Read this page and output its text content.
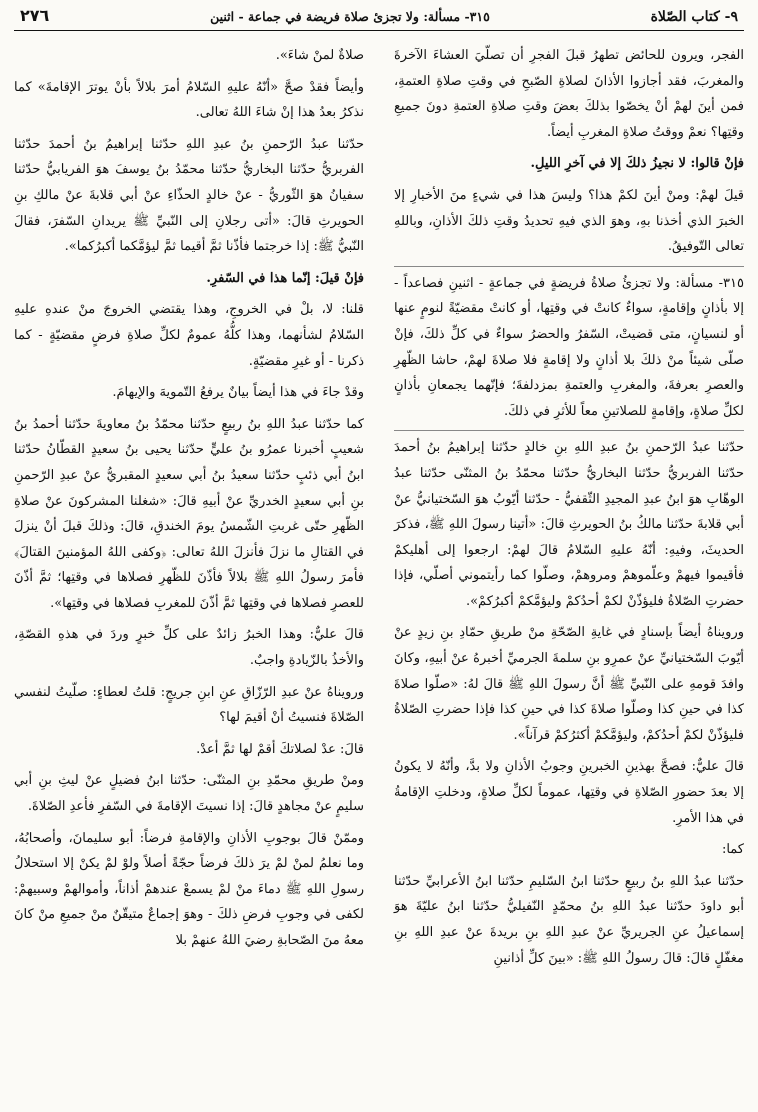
٩- كتاب الصّلاة
٣١٥- مسألة: ولا تجزئ صلاة فريضة في جماعة - اثنين
٢٧٦

الفجر، ويرون للحائض تطهرُ قبلَ الفجرِ أن تصلّيَ العشاءَ الآخرةَ والمغربَ، فقد أجازوا الأذانَ لصلاةِ الصّبحِ في وقتِ صلاةِ العتمةِ، فمن أينَ لهمْ أنْ يخصّوا بذلكَ بعضَ وقتِ صلاةِ العتمةِ دونَ جميعِ وقتِها؟ نعمْ ووقتُ صلاةِ المغربِ أيضاً.

فإنْ قالوا: لا نجيزُ ذلكَ إلا في آخرِ الليلِ.

قيلَ لهمْ: ومنْ أينَ لكمْ هذا؟ وليسَ هذا في شيءٍ منَ الأخبارِ إلا الخبرَ الذي أخذنا بهِ، وهوَ الذي فيهِ تحديدُ وقتِ ذلكَ الأذانِ، وباللهِ تعالى التّوفيقُ.

٣١٥- مسألة: ولا تجزئُ صلاةُ فريضةٍ في جماعةٍ - اثنينِ فصاعداً - إلا بأذانٍ وإقامةٍ، سواءٌ كانتْ في وقتِها، أو كانتْ مقضيّةً لنومٍ عنها أو لنسيانٍ، متى قضيتْ، السّفرُ والحضرُ سواءٌ في كلِّ ذلكَ، فإنْ صلّى شيئاً منْ ذلكَ بلا أذانٍ ولا إقامةٍ فلا صلاةَ لهمْ، حاشا الظّهرِ والعصرِ بعرفةَ، والمغربِ والعتمةِ بمزدلفةَ؛ فإنّهما يجمعانِ بأذانٍ لكلِّ صلاةٍ، وإقامةٍ للصلاتينِ معاً للأثرِ في ذلكَ.

حدّثنا عبدُ الرّحمنِ بنُ عبدِ اللهِ بنِ خالدٍ حدّثنا إبراهيمُ بنُ أحمدَ حدّثنا الفربريُّ حدّثنا البخاريُّ حدّثنا محمّدُ بنُ المثنّى حدّثنا عبدُ الوهّابِ هوَ ابنُ عبدِ المجيدِ الثّقفيُّ - حدّثنا أيّوبُ هوَ السّختيانيُّ عنْ أبي قلابةَ حدّثنا مالكُ بنُ الحويرثِ قالَ: «أتينا رسولَ اللهِ ﷺ، فذكرَ الحديثَ، وفيهِ: أنّهُ عليهِ السّلامُ قالَ لهمْ: ارجعوا إلى أهليكمْ فأقيموا فيهمْ وعلّموهمْ ومروهمْ، وصلّوا كما رأيتموني أصلّي، فإذا حضرتِ الصّلاةُ فليؤذّنْ لكمْ أحدُكمْ وليؤمَّكمْ أكبرُكمْ».

ورويناهُ أيضاً بإسنادٍ في غايةِ الصّحّةِ منْ طريقِ حمّادِ بنِ زيدٍ عنْ أيّوبَ السّختيانيِّ عنْ عمرِو بنِ سلمةَ الجرميِّ أخبرهُ عنْ أبيهِ، وكانَ وافدَ قومهِ على النّبيِّ ﷺ أنَّ رسولَ اللهِ ﷺ قالَ لهُ: «صلّوا صلاةَ كذا في حينِ كذا وصلّوا صلاةَ كذا في حينِ كذا فإذا حضرتِ الصّلاةُ فليؤذّنْ لكمْ أحدُكمْ، وليؤمَّكمْ أكثرُكمْ قرآناً».

قالَ عليٌّ: فصحَّ بهذينِ الخبرينِ وجوبُ الأذانِ ولا بدَّ، وأنّهُ لا يكونُ إلا بعدَ حضورِ الصّلاةِ في وقتِها، عموماً لكلِّ صلاةٍ، ودخلتِ الإقامةُ في هذا الأمرِ.

كما:

حدّثنا عبدُ اللهِ بنُ ربيعٍ حدّثنا ابنُ السّليمِ حدّثنا ابنُ الأعرابيِّ حدّثنا أبو داودَ حدّثنا عبدُ اللهِ بنُ محمّدٍ النّفيليُّ حدّثنا ابنُ عليّةَ هوَ إسماعيلُ عنِ الجريريِّ عنْ عبدِ اللهِ بنِ بريدةَ عنْ عبدِ اللهِ بنِ مغفّلٍ قالَ: قالَ رسولُ اللهِ ﷺ: «بينَ كلِّ أذانينِ

صلاةٌ لمنْ شاءَ».

وأيضاً فقدْ صحَّ «أنّهُ عليهِ السّلامُ أمرَ بلالاً بأنْ يوترَ الإقامةَ» كما نذكرُ بعدُ هذا إنْ شاءَ اللهُ تعالى.

حدّثنا عبدُ الرّحمنِ بنُ عبدِ اللهِ حدّثنا إبراهيمُ بنُ أحمدَ حدّثنا الفربريُّ حدّثنا البخاريُّ حدّثنا محمّدُ بنُ يوسفَ هوَ الفريابيُّ حدّثنا سفيانُ هوَ الثّوريُّ - عنْ خالدٍ الحذّاءِ عنْ أبي قلابةَ عنْ مالكِ بنِ الحويرثِ قالَ: «أتى رجلانِ إلى النّبيِّ ﷺ يريدانِ السّفرَ، فقالَ النّبيُّ ﷺ: إذا خرجتما فأذّنا ثمَّ أقيما ثمَّ ليؤمَّكما أكبرُكما».

فإنْ قيلَ: إنّما هذا في السّفرِ.

قلنا: لا، بلْ في الخروجِ، وهذا يقتضي الخروجَ منْ عندهِ عليهِ السّلامُ لشأنهما، وهذا كلُّهُ عمومٌ لكلِّ صلاةِ فرضٍ مقضيّةٍ - كما ذكرنا - أو غيرِ مقضيّةٍ.

وقدْ جاءَ في هذا أيضاً بيانٌ يرفعُ التّمويهَ والإيهامَ.

كما حدّثنا عبدُ اللهِ بنُ ربيعٍ حدّثنا محمّدُ بنُ معاويةَ حدّثنا أحمدُ بنُ شعيبٍ أخبرنا عمرُو بنُ عليٍّ حدّثنا يحيى بنُ سعيدٍ القطّانُ حدّثنا ابنُ أبي ذئبٍ حدّثنا سعيدُ بنُ أبي سعيدٍ المقبريُّ عنْ عبدِ الرّحمنِ بنِ أبي سعيدٍ الخدريِّ عنْ أبيهِ قالَ: «شغلنا المشركونَ عنْ صلاةِ الظّهرِ حتّى غربتِ الشّمسُ يومَ الخندقِ، قالَ: وذلكَ قبلَ أنْ ينزلَ في القتالِ ما نزلَ فأنزلَ اللهُ تعالى: ﴿وكفى اللهُ المؤمنينَ القتالَ﴾ فأمرَ رسولُ اللهِ ﷺ بلالاً فأذّنَ للظّهرِ فصلاها في وقتِها؛ ثمَّ أذّنَ للعصرِ فصلاها في وقتِها ثمَّ أذّنَ للمغربِ فصلاها في وقتِها».

قالَ عليٌّ: وهذا الخبرُ زائدٌ على كلِّ خبرٍ وردَ في هذهِ القصّةِ، والأخذُ بالزّيادةِ واجبٌ.

ورويناهُ عنْ عبدِ الرّزّاقِ عنِ ابنِ جريجٍ: قلتُ لعطاءٍ: صلّيتُ لنفسي الصّلاةَ فنسيتُ أنْ أقيمَ لها؟

قالَ: عدْ لصلاتكَ أقمْ لها ثمَّ أعدْ.

ومنْ طريقِ محمّدِ بنِ المثنّى: حدّثنا ابنُ فضيلٍ عنْ ليثِ بنِ أبي سليمٍ عنْ مجاهدٍ قالَ: إذا نسيتَ الإقامةَ في السّفرِ فأعدِ الصّلاةَ.

وممّنْ قالَ بوجوبِ الأذانِ والإقامةِ فرضاً: أبو سليمانَ، وأصحابُهُ، وما نعلمُ لمنْ لمْ يرَ ذلكَ فرضاً حجّةً أصلاً ولوْ لمْ يكنْ إلا استحلالُ رسولِ اللهِ ﷺ دماءَ منْ لمْ يسمعْ عندهمْ أذاناً، وأموالهمْ وسبيهمْ: لكفى في وجوبِ فرضِ ذلكَ - وهوَ إجماعٌ متيقّنٌ منْ جميعِ منْ كانَ معهُ منَ الصّحابةِ رضيَ اللهُ عنهمْ بلا
